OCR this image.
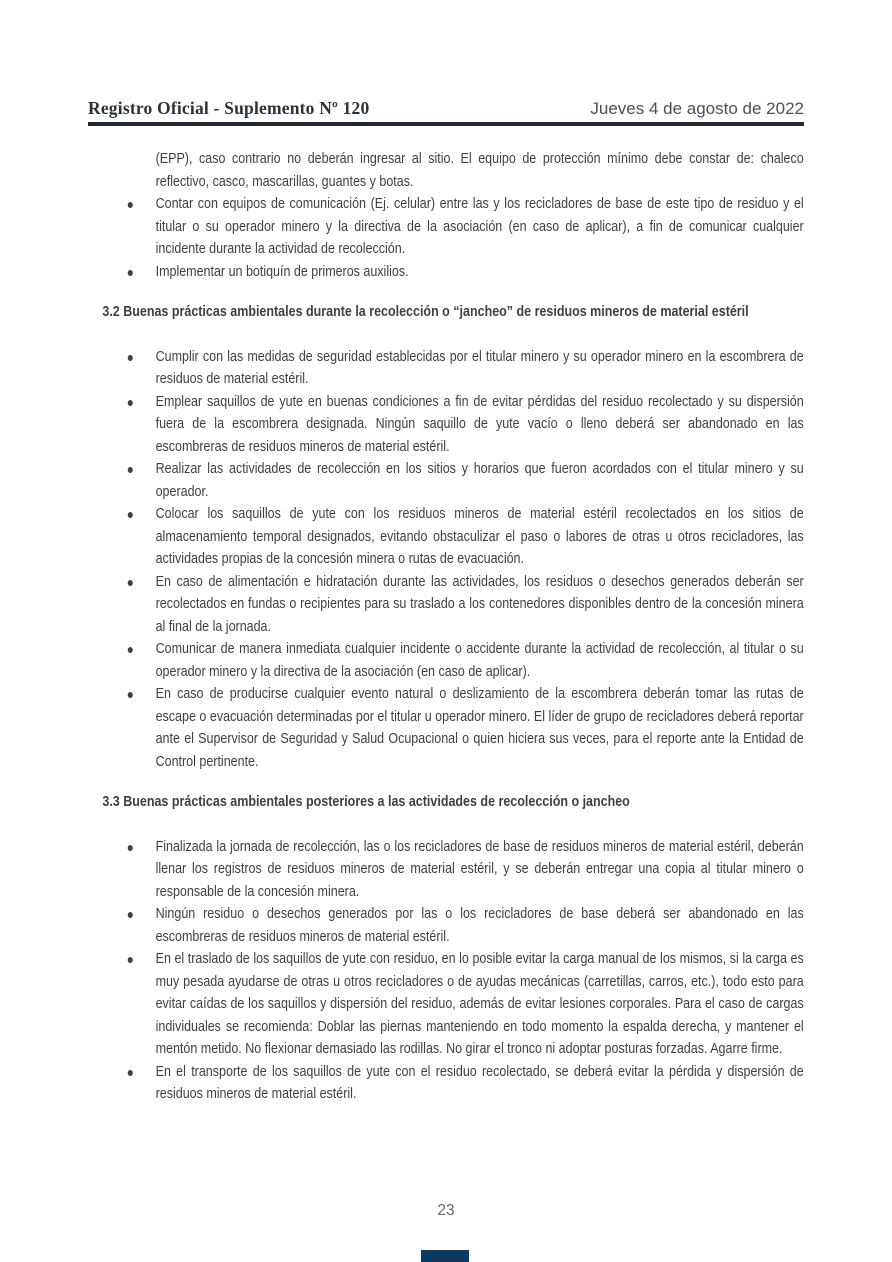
Registro Oficial - Suplemento Nº 120	Jueves 4 de agosto de 2022

(EPP), caso contrario no deberán ingresar al sitio. El equipo de protección mínimo debe constar de: chaleco reflectivo, casco, mascarillas, guantes y botas.

Contar con equipos de comunicación (Ej. celular) entre las y los recicladores de base de este tipo de residuo y el titular o su operador minero y la directiva de la asociación (en caso de aplicar), a fin de comunicar cualquier incidente durante la actividad de recolección.
Implementar un botiquín de primeros auxilios.
3.2 Buenas prácticas ambientales durante la recolección o “jancheo” de residuos mineros de material estéril
Cumplir con las medidas de seguridad establecidas por el titular minero y su operador minero en la escombrera de residuos de material estéril.
Emplear saquillos de yute en buenas condiciones a fin de evitar pérdidas del residuo recolectado y su dispersión fuera de la escombrera designada. Ningún saquillo de yute vacío o lleno deberá ser abandonado en las escombreras de residuos mineros de material estéril.
Realizar las actividades de recolección en los sitios y horarios que fueron acordados con el titular minero y su operador.
Colocar los saquillos de yute con los residuos mineros de material estéril recolectados en los sitios de almacenamiento temporal designados, evitando obstaculizar el paso o labores de otras u otros recicladores, las actividades propias de la concesión minera o rutas de evacuación.
En caso de alimentación e hidratación durante las actividades, los residuos o desechos generados deberán ser recolectados en fundas o recipientes para su traslado a los contenedores disponibles dentro de la concesión minera al final de la jornada.
Comunicar de manera inmediata cualquier incidente o accidente durante la actividad de recolección, al titular o su operador minero y la directiva de la asociación (en caso de aplicar).
En caso de producirse cualquier evento natural o deslizamiento de la escombrera deberán tomar las rutas de escape o evacuación determinadas por el titular u operador minero. El líder de grupo de recicladores deberá reportar ante el Supervisor de Seguridad y Salud Ocupacional o quien hiciera sus veces, para el reporte ante la Entidad de Control pertinente.
3.3 Buenas prácticas ambientales posteriores a las actividades de recolección o jancheo
Finalizada la jornada de recolección, las o los recicladores de base de residuos mineros de material estéril, deberán llenar los registros de residuos mineros de material estéril, y se deberán entregar una copia al titular minero o responsable de la concesión minera.
Ningún residuo o desechos generados por las o los recicladores de base deberá ser abandonado en las escombreras de residuos mineros de material estéril.
En el traslado de los saquillos de yute con residuo, en lo posible evitar la carga manual de los mismos, si la carga es muy pesada ayudarse de otras u otros recicladores o de ayudas mecánicas (carretillas, carros, etc.), todo esto para evitar caídas de los saquillos y dispersión del residuo, además de evitar lesiones corporales. Para el caso de cargas individuales se recomienda: Doblar las piernas manteniendo en todo momento la espalda derecha, y mantener el mentón metido. No flexionar demasiado las rodillas. No girar el tronco ni adoptar posturas forzadas. Agarre firme.
En el transporte de los saquillos de yute con el residuo recolectado, se deberá evitar la pérdida y dispersión de residuos mineros de material estéril.
23
